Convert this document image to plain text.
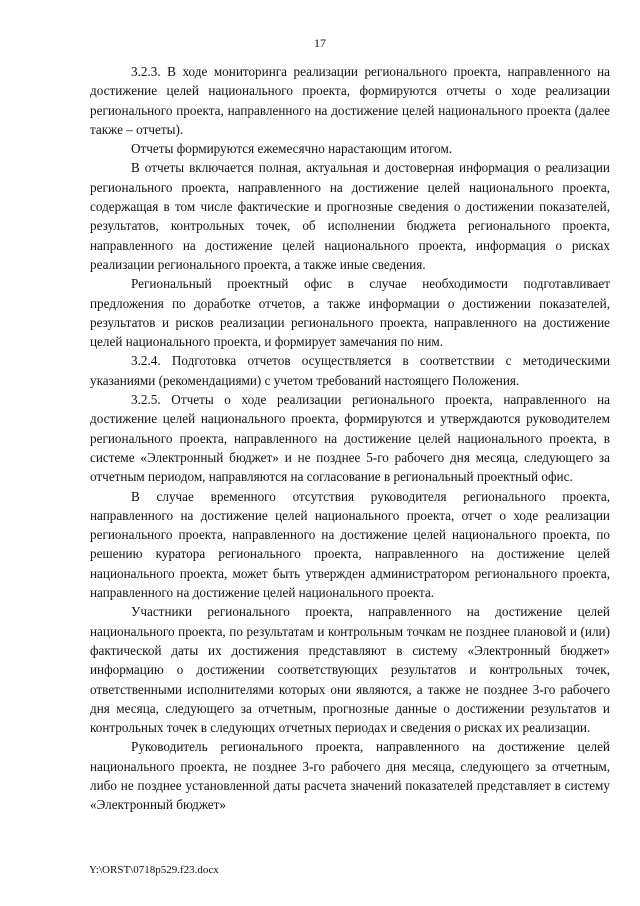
17

3.2.3. В ходе мониторинга реализации регионального проекта, направленного на достижение целей национального проекта, формируются отчеты о ходе реализации регионального проекта, направленного на достижение целей национального проекта (далее также – отчеты).

Отчеты формируются ежемесячно нарастающим итогом.

В отчеты включается полная, актуальная и достоверная информация о реализации регионального проекта, направленного на достижение целей национального проекта, содержащая в том числе фактические и прогнозные сведения о достижении показателей, результатов, контрольных точек, об исполнении бюджета регионального проекта, направленного на достижение целей национального проекта, информация о рисках реализации регионального проекта, а также иные сведения.

Региональный проектный офис в случае необходимости подготавливает предложения по доработке отчетов, а также информации о достижении показателей, результатов и рисков реализации регионального проекта, направленного на достижение целей национального проекта, и формирует замечания по ним.

3.2.4. Подготовка отчетов осуществляется в соответствии с методическими указаниями (рекомендациями) с учетом требований настоящего Положения.

3.2.5. Отчеты о ходе реализации регионального проекта, направленного на достижение целей национального проекта, формируются и утверждаются руководителем регионального проекта, направленного на достижение целей национального проекта, в системе «Электронный бюджет» и не позднее 5-го рабочего дня месяца, следующего за отчетным периодом, направляются на согласование в региональный проектный офис.

В случае временного отсутствия руководителя регионального проекта, направленного на достижение целей национального проекта, отчет о ходе реализации регионального проекта, направленного на достижение целей национального проекта, по решению куратора регионального проекта, направленного на достижение целей национального проекта, может быть утвержден администратором регионального проекта, направленного на достижение целей национального проекта.

Участники регионального проекта, направленного на достижение целей национального проекта, по результатам и контрольным точкам не позднее плановой и (или) фактической даты их достижения представляют в систему «Электронный бюджет» информацию о достижении соответствующих результатов и контрольных точек, ответственными исполнителями которых они являются, а также не позднее 3-го рабочего дня месяца, следующего за отчетным, прогнозные данные о достижении результатов и контрольных точек в следующих отчетных периодах и сведения о рисках их реализации.

Руководитель регионального проекта, направленного на достижение целей национального проекта, не позднее 3-го рабочего дня месяца, следующего за отчетным, либо не позднее установленной даты расчета значений показателей представляет в систему «Электронный бюджет»

Y:\ORST\0718p529.f23.docx
